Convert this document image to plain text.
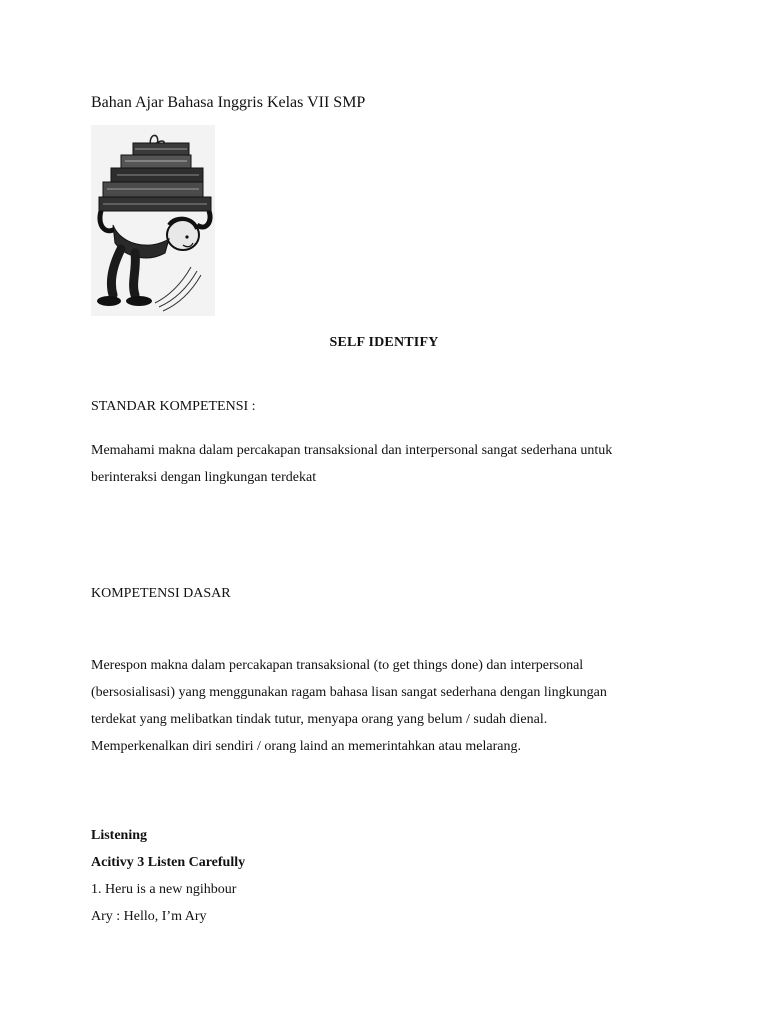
Bahan Ajar Bahasa Inggris Kelas VII SMP
SELF IDENTIFY

STANDAR KOMPETENSI :

Memahami makna dalam percakapan transaksional dan interpersonal sangat sederhana untuk
berinteraksi dengan lingkungan terdekat

KOMPETENSI DASAR

Merespon makna dalam percakapan transaksional (to get things done) dan interpersonal
(bersosialisasi) yang menggunakan ragam bahasa lisan sangat sederhana dengan lingkungan
terdekat yang melibatkan tindak tutur, menyapa orang yang belum / sudah dienal.
Memperkenalkan diri sendiri / orang laind an memerintahkan atau melarang.

Listening

Acitivy 3 Listen Carefully

1. Heru is a new ngihbour

Ary : Hello, I’m Ary
